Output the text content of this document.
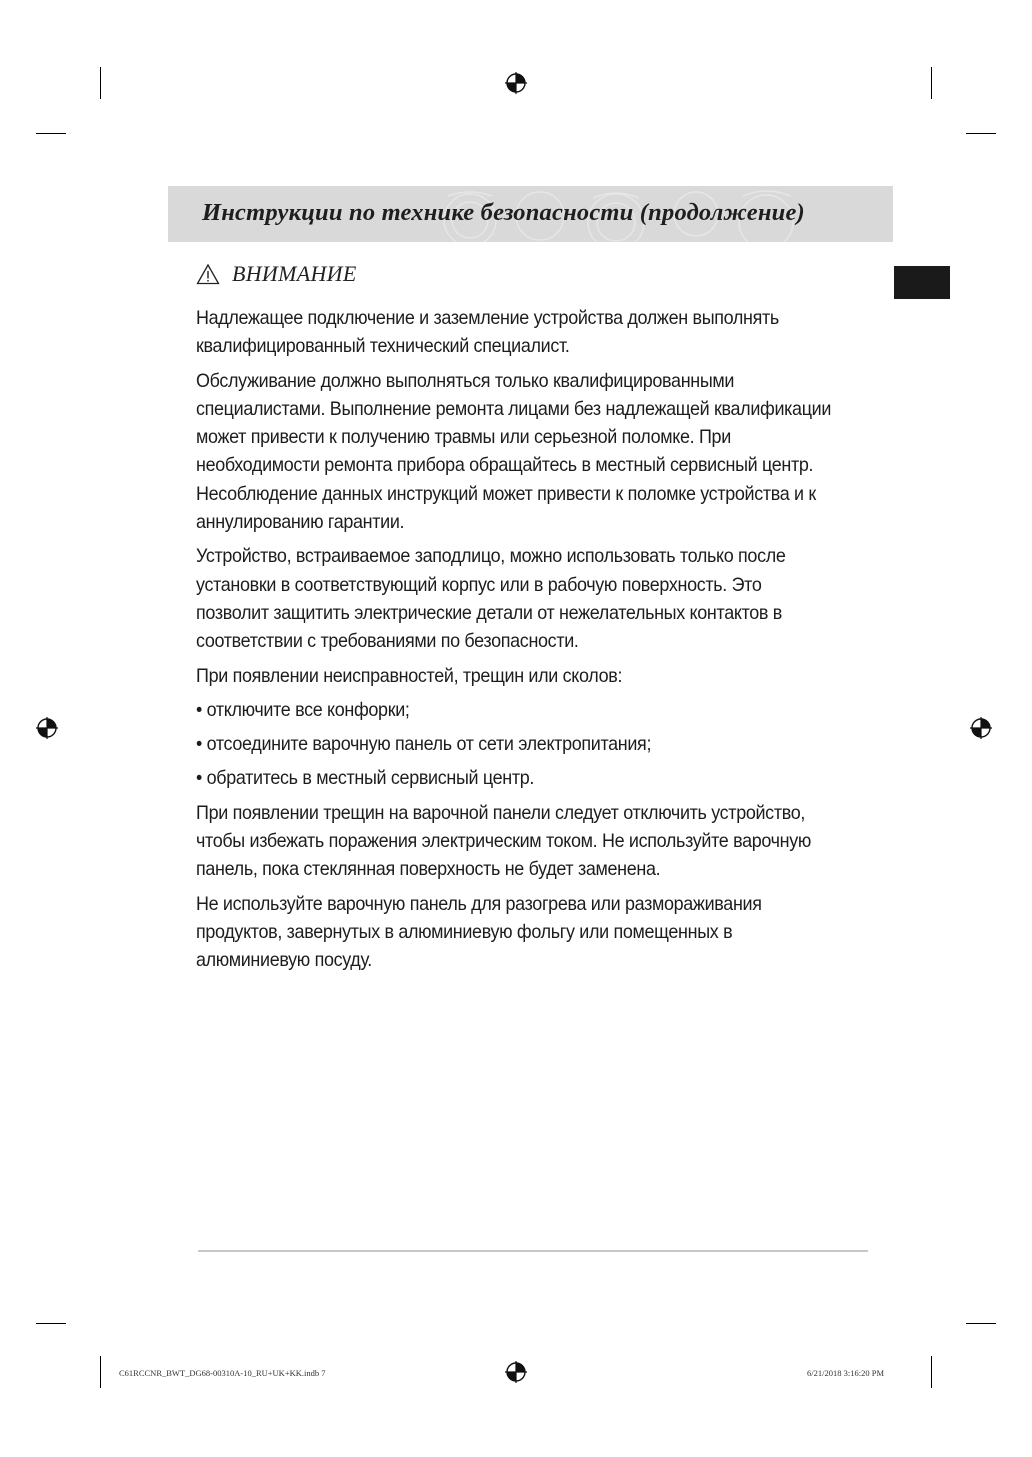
Инструкции по технике безопасности (продолжение)
ВНИМАНИЕ

Надлежащее подключение и заземление устройства должен выполнять
квалифицированный технический специалист.

Обслуживание должно выполняться только квалифицированными
специалистами. Выполнение ремонта лицами без надлежащей квалификации
может привести к получению травмы или серьезной поломке. При
необходимости ремонта прибора обращайтесь в местный сервисный центр.
Несоблюдение данных инструкций может привести к поломке устройства и к
аннулированию гарантии.

Устройство, встраиваемое заподлицо, можно использовать только после
установки в соответствующий корпус или в рабочую поверхность. Это
позволит защитить электрические детали от нежелательных контактов в
соответствии с требованиями по безопасности.

При появлении неисправностей, трещин или сколов:

• отключите все конфорки;

• отсоедините варочную панель от сети электропитания;

• обратитесь в местный сервисный центр.

При появлении трещин на варочной панели следует отключить устройство,
чтобы избежать поражения электрическим током. Не используйте варочную
панель, пока стеклянная поверхность не будет заменена.

Не используйте варочную панель для разогрева или размораживания
продуктов, завернутых в алюминиевую фольгу или помещенных в
алюминиевую посуду.

C61RCCNR_BWT_DG68-00310A-10_RU+UK+KK.indb 7	6/21/2018 3:16:20 PM
